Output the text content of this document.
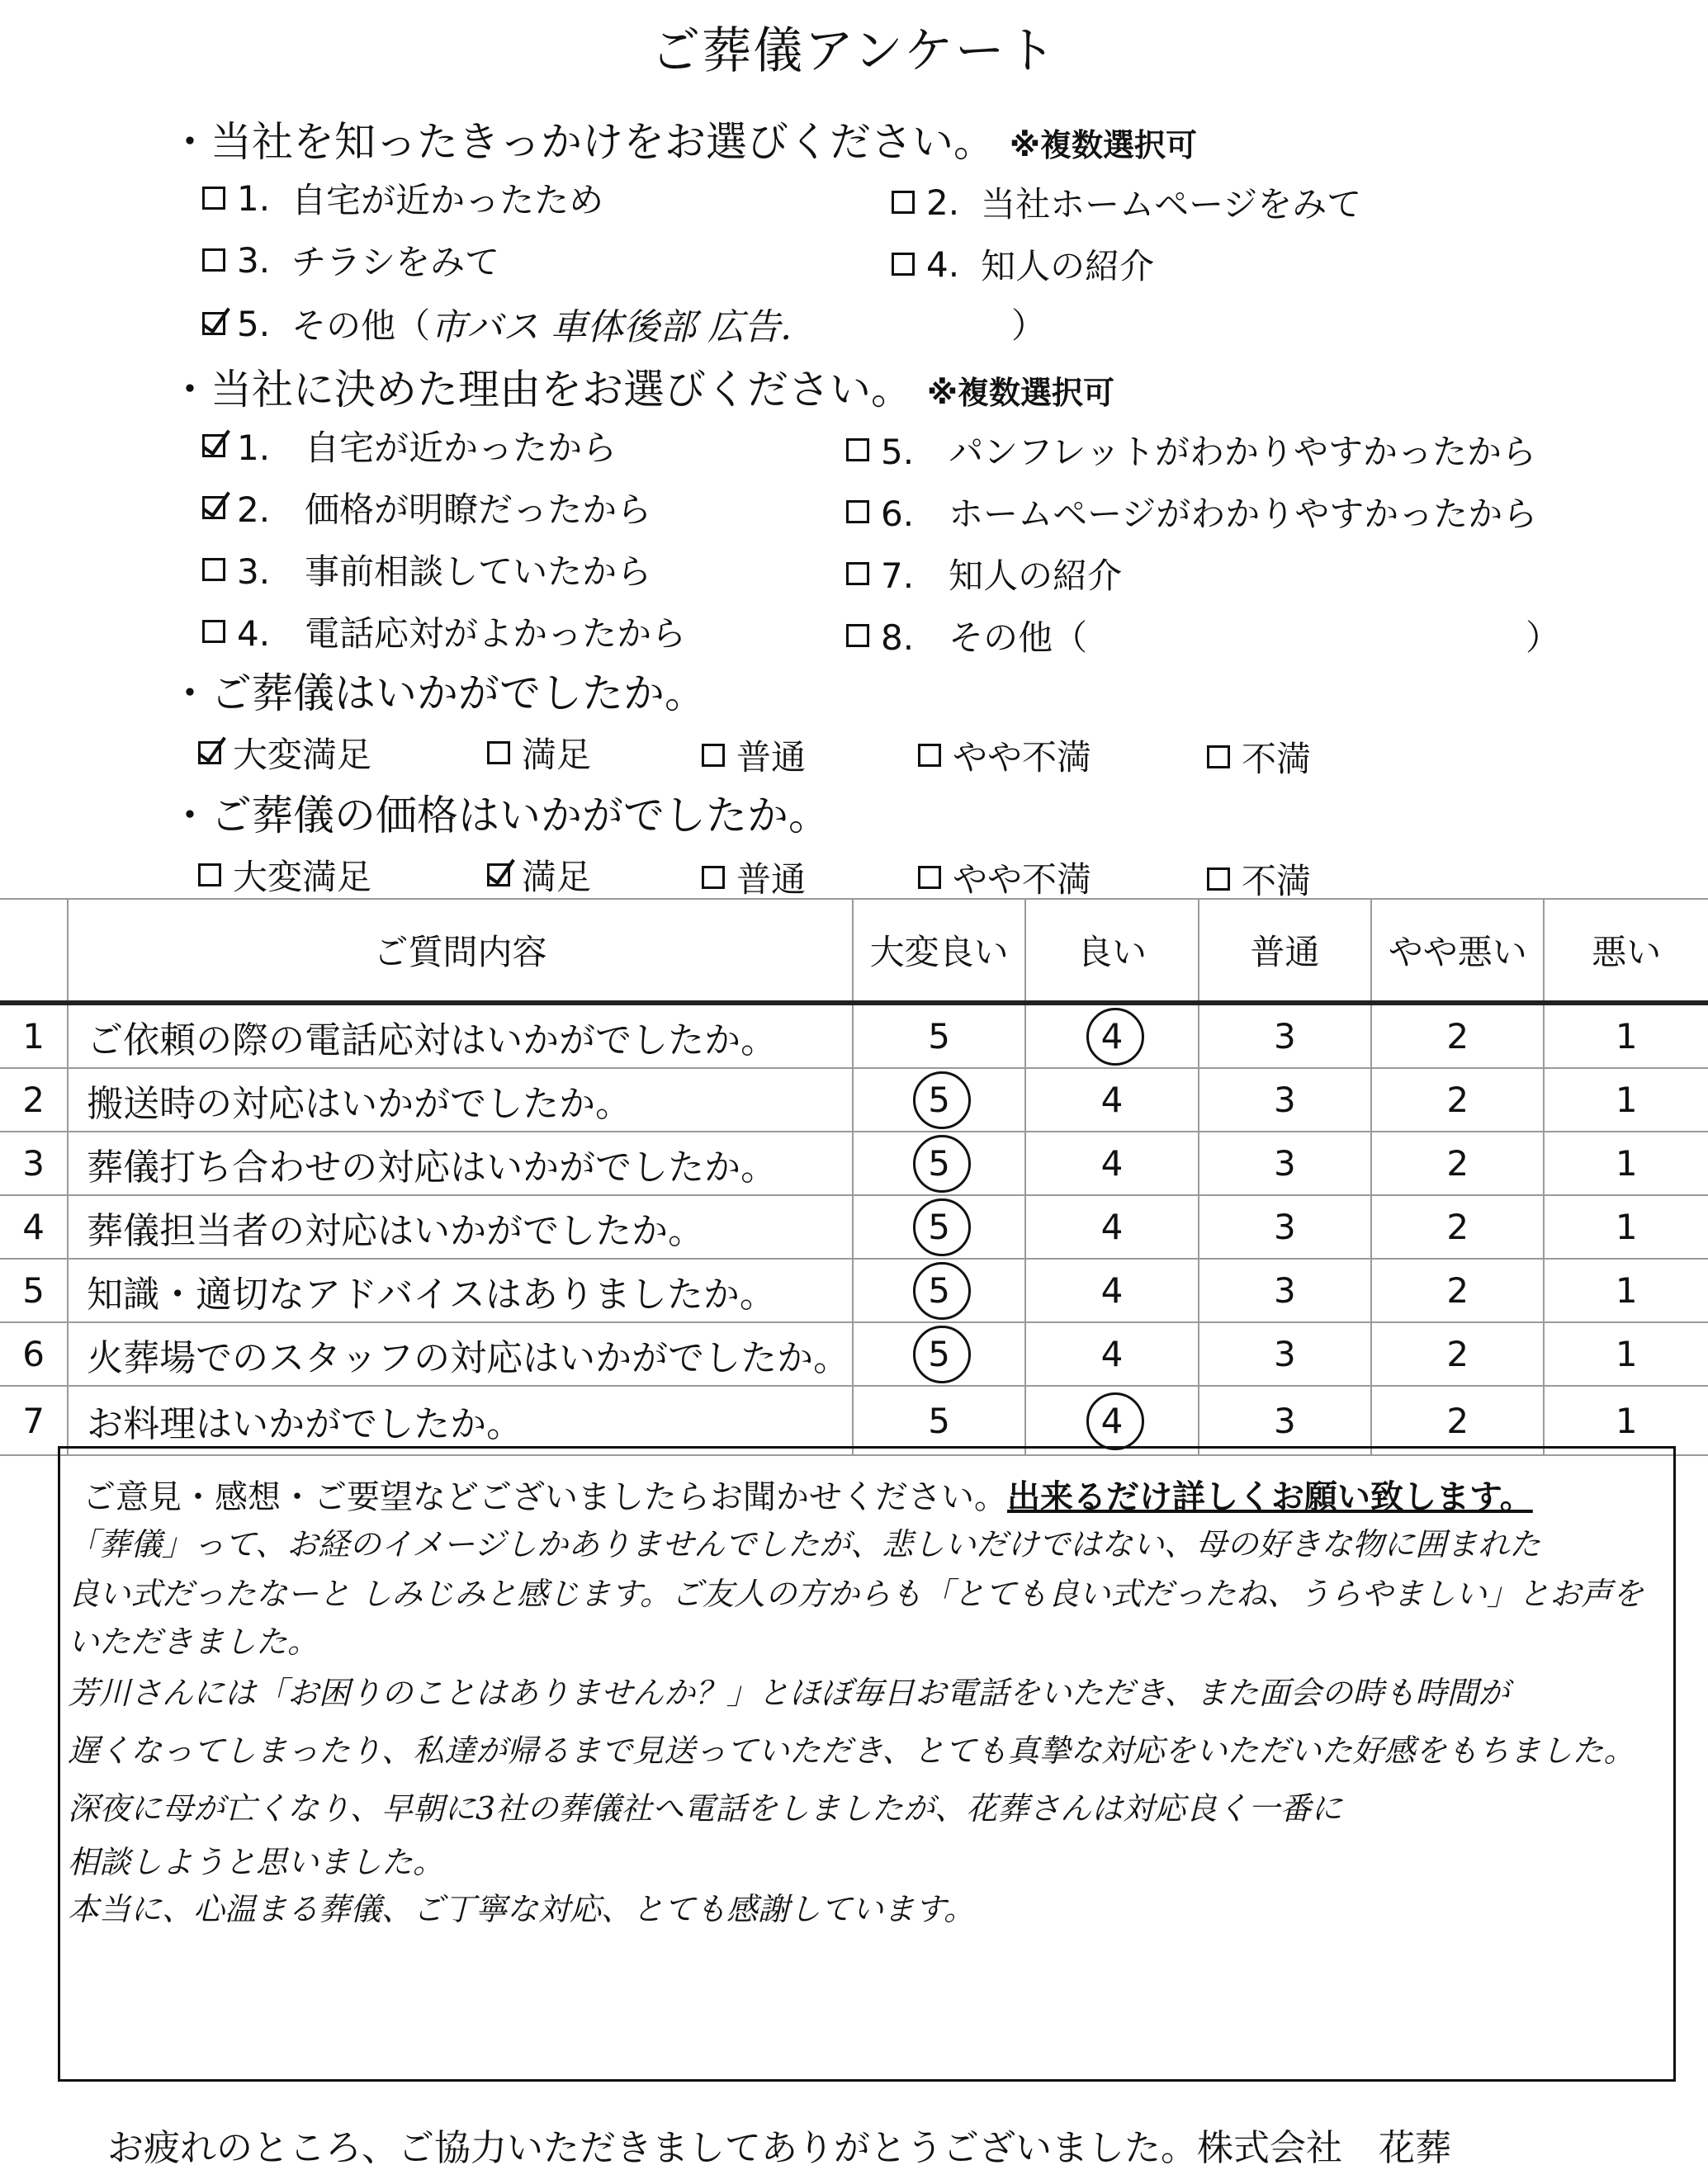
ご葬儀アンケート
・当社を知ったきっかけをお選びください。 ※複数選択可
1. 自宅が近かったため	2. 当社ホームページをみて
3. チラシをみて	4. 知人の紹介
5. その他（ 市バス 車体後部 広告.	）
・当社に決めた理由をお選びください。 ※複数選択可
1.　自宅が近かったから
2.　価格が明瞭だったから
3.　事前相談していたから
4.　電話応対がよかったから
5.　パンフレットがわかりやすかったから
6.　ホームページがわかりやすかったから
7.　知人の紹介
8.　その他（	）
・ご葬儀はいかがでしたか。
大変満足	満足	普通	やや不満	不満
・ご葬儀の価格はいかがでしたか。
大変満足	満足	普通	やや不満	不満
	ご質問内容	大変良い	良い	普通	やや悪い	悪い
1	ご依頼の際の電話応対はいかがでしたか。	5	4	3	2	1
2	搬送時の対応はいかがでしたか。	5	4	3	2	1
3	葬儀打ち合わせの対応はいかがでしたか。	5	4	3	2	1
4	葬儀担当者の対応はいかがでしたか。	5	4	3	2	1
5	知識・適切なアドバイスはありましたか。	5	4	3	2	1
6	火葬場でのスタッフの対応はいかがでしたか。	5	4	3	2	1
7	お料理はいかがでしたか。	5	4	3	2	1
ご意見・感想・ご要望などございましたらお聞かせください。出来るだけ詳しくお願い致します。
「葬儀」って、お経のイメージしかありませんでしたが、悲しいだけではない、母の好きな物に囲まれた
良い式だったなーと しみじみと感じます。ご友人の方からも「とても良い式だったね、うらやましい」とお声を
いただきました。
芳川さんには「お困りのことはありませんか？」とほぼ毎日お電話をいただき、また面会の時も時間が
遅くなってしまったり、私達が帰るまで見送っていただき、とても真摯な対応をいただいた好感をもちました。
深夜に母が亡くなり、早朝に3社の葬儀社へ電話をしましたが、花葬さんは対応良く一番に
相談しようと思いました。
本当に、心温まる葬儀、ご丁寧な対応、とても感謝しています。
お疲れのところ、ご協力いただきましてありがとうございました。株式会社　花葬
